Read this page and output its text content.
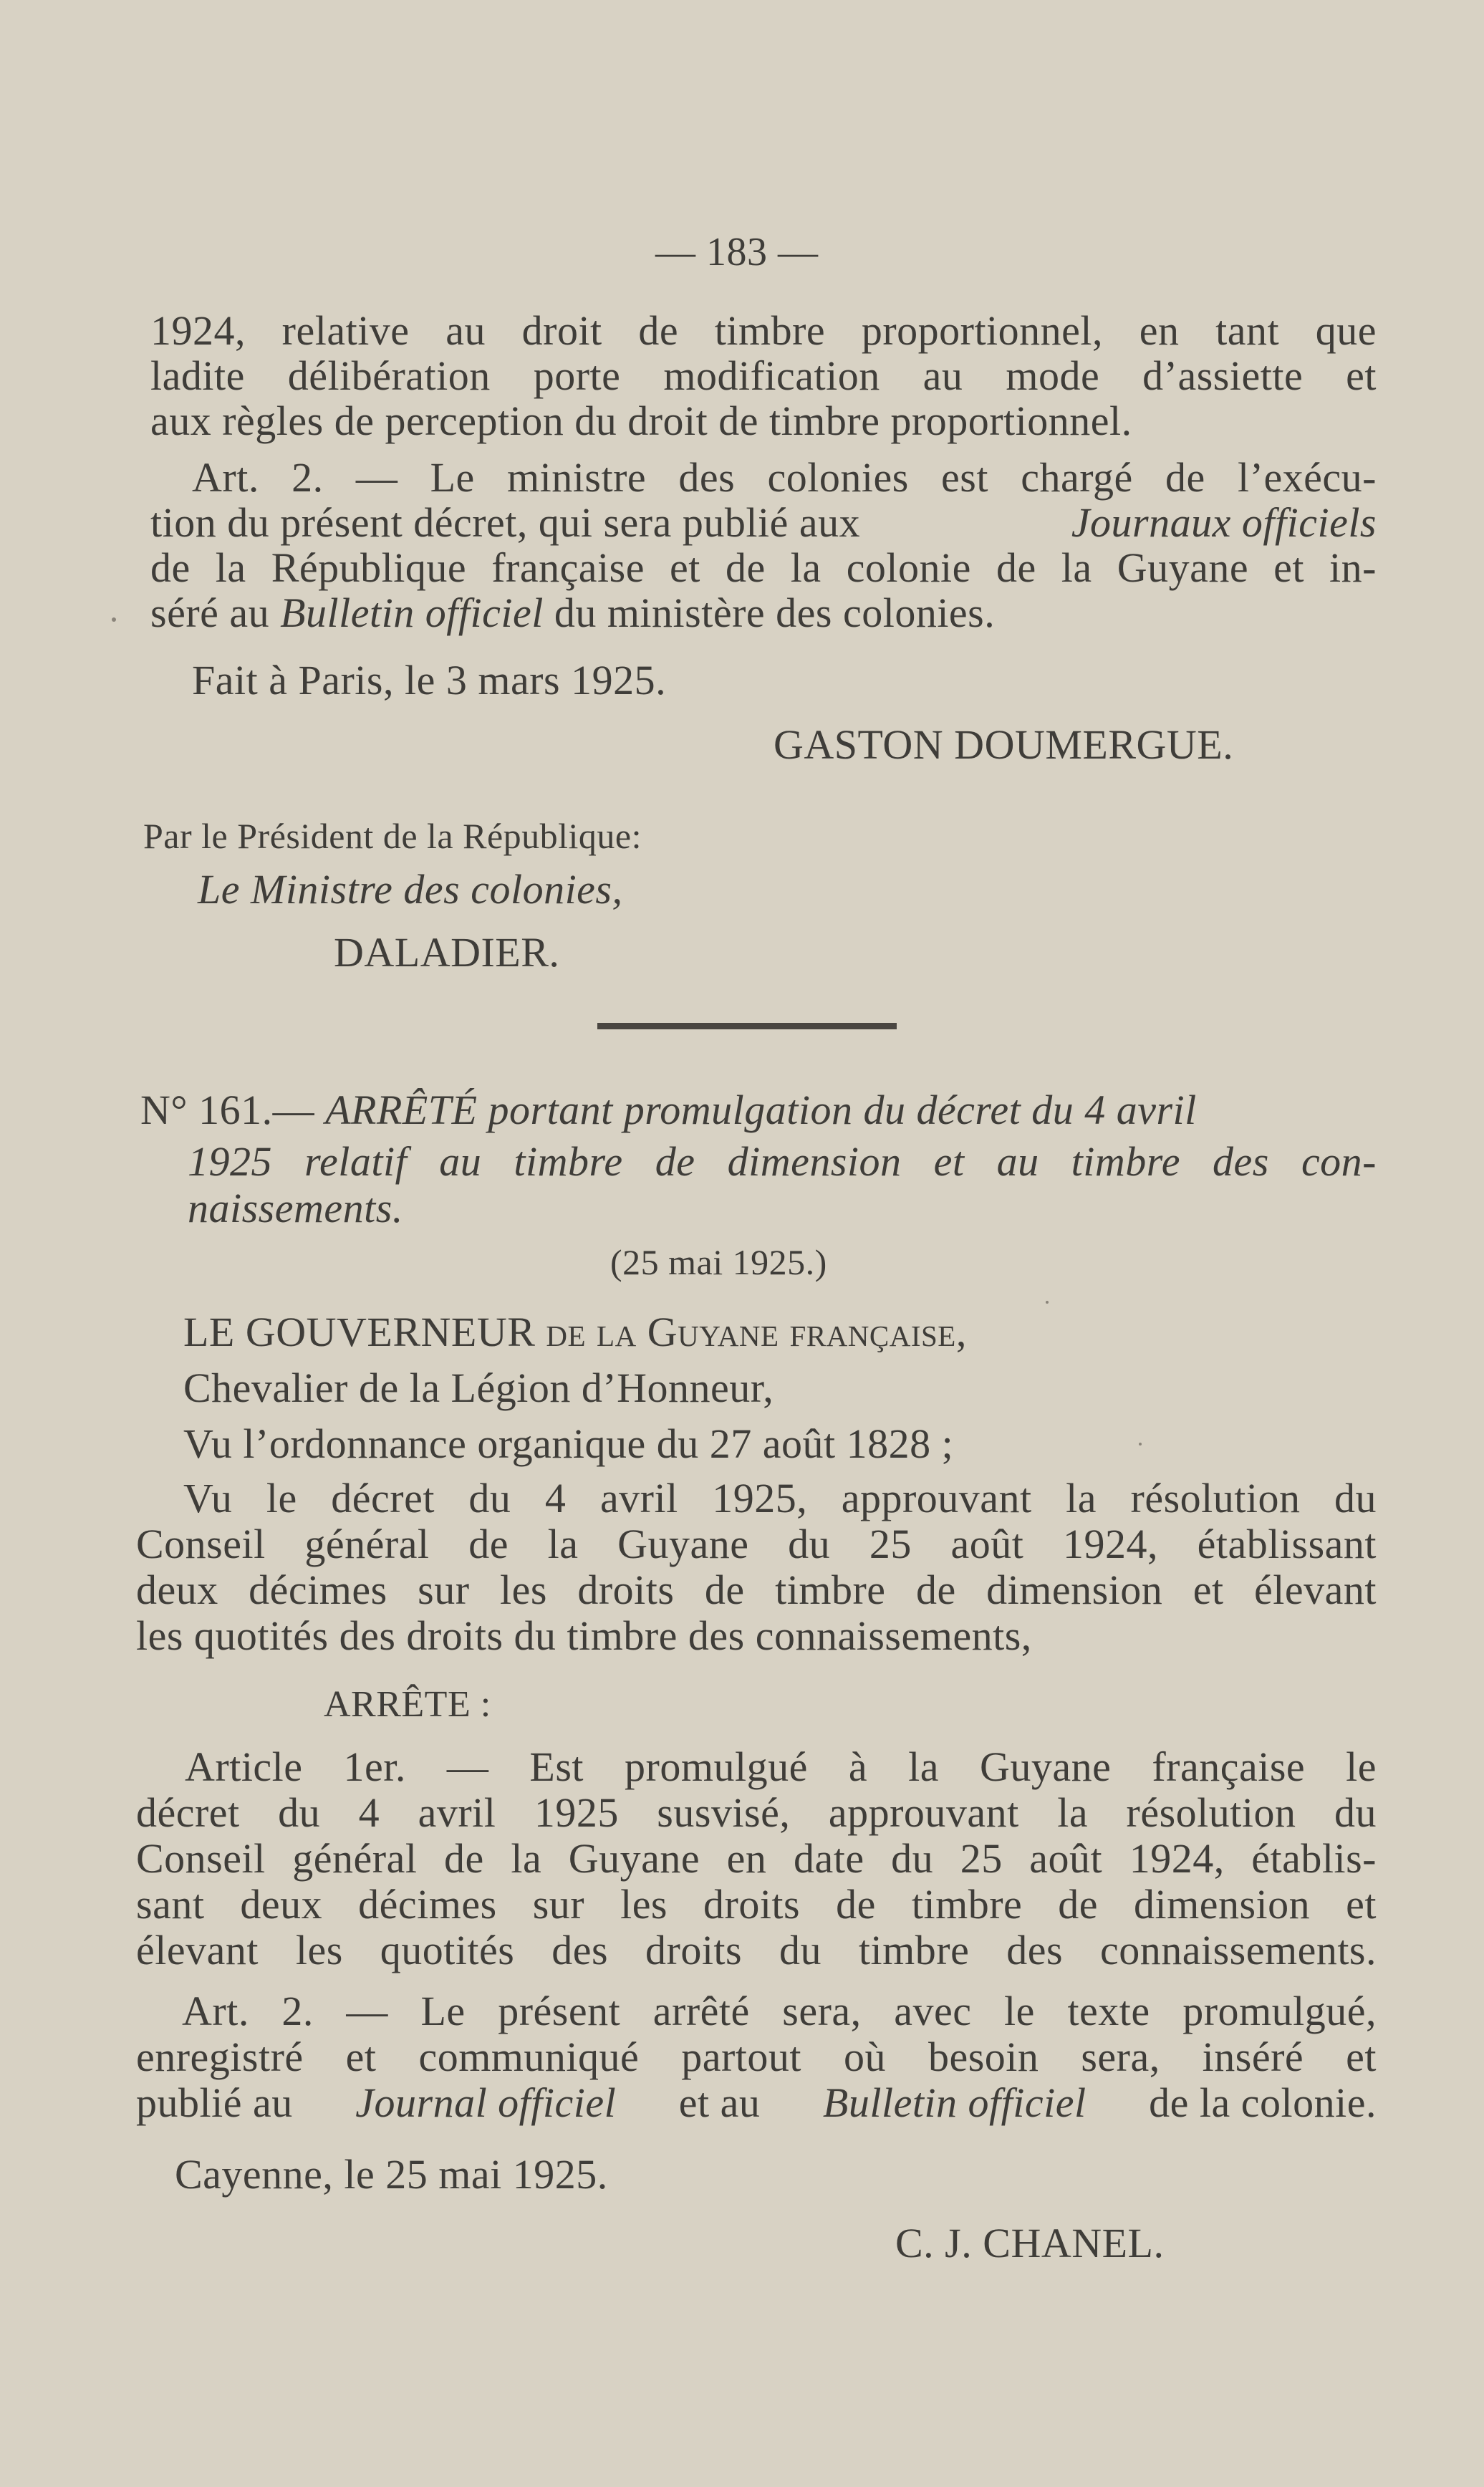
— 183 —

1924, relative au droit de timbre proportionnel, en tant que

ladite délibération porte modification au mode d’assiette et

aux règles de perception du droit de timbre proportionnel.

Art. 2. — Le ministre des colonies est chargé de l’exécu-

tion du présent décret, qui sera publié aux	Journaux officiels

de la République française et de la colonie de la Guyane et in-

séré au Bulletin officiel du ministère des colonies.

Fait à Paris, le 3 mars 1925.

GASTON DOUMERGUE.

Par le Président de la République:

Le Ministre des colonies,

DALADIER.

N° 161.— ARRÊTÉ portant promulgation du décret du 4 avril

1925 relatif au timbre de dimension et au timbre des con-

naissements.

(25 mai 1925.)

LE GOUVERNEUR de la Guyane française,

Chevalier de la Légion d’Honneur,

Vu l’ordonnance organique du 27 août 1828 ;

Vu le décret du 4 avril 1925, approuvant la résolution du

Conseil général de la Guyane du 25 août 1924, établissant

deux décimes sur les droits de timbre de dimension et élevant

les quotités des droits du timbre des connaissements,

ARRÊTE :

Article 1er. — Est promulgué à la Guyane française le

décret du 4 avril 1925 susvisé, approuvant la résolution du

Conseil général de la Guyane en date du 25 août 1924, établis-

sant deux décimes sur les droits de timbre de dimension et

élevant les quotités des droits du timbre des connaissements.

Art. 2. — Le présent arrêté sera, avec le texte promulgué,

enregistré et communiqué partout où besoin sera, inséré et

publié au Journal officiel et au Bulletin officiel de la colonie.

Cayenne, le 25 mai 1925.

C. J. CHANEL.
